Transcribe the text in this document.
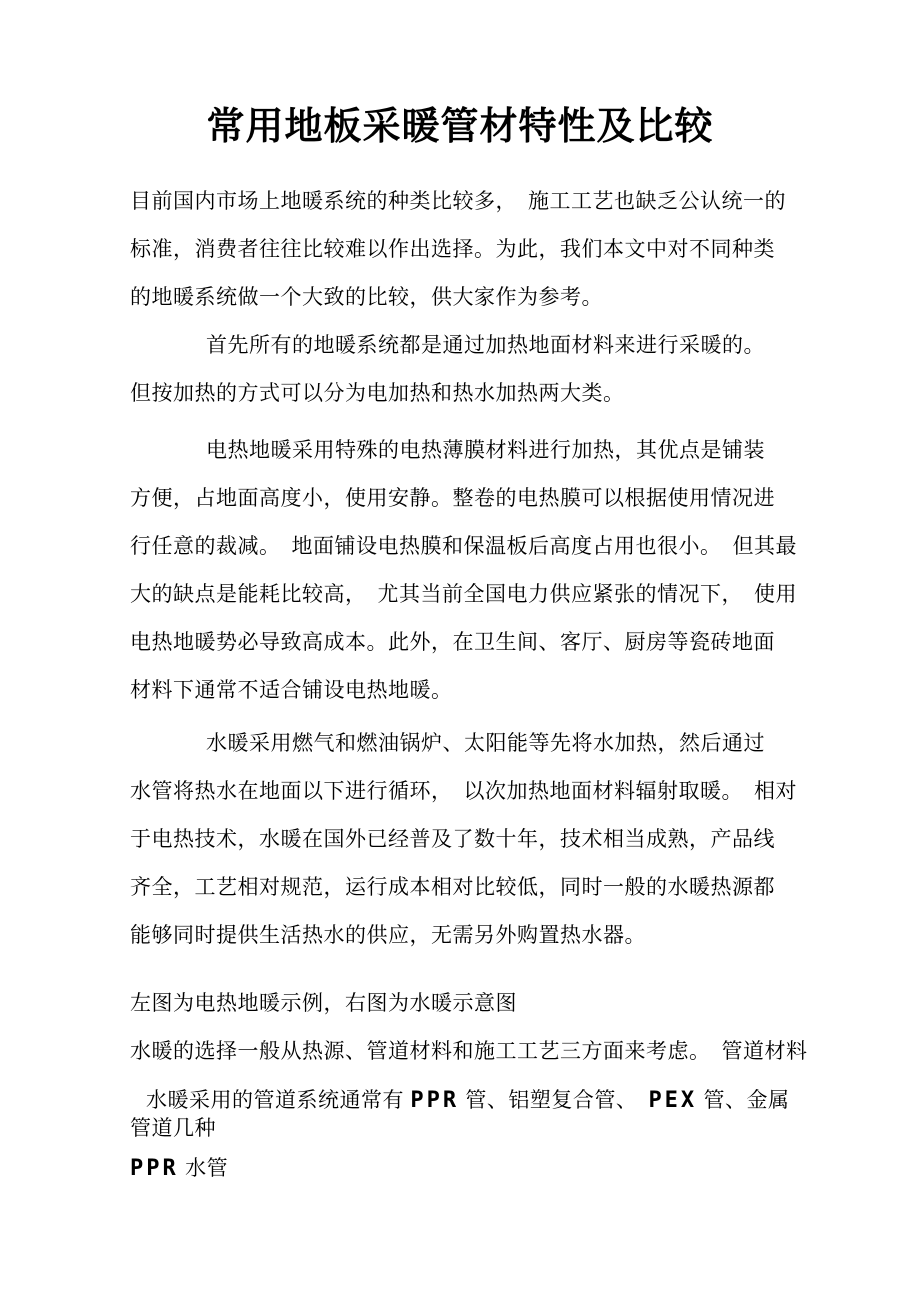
常用地板采暖管材特性及比较
目前国内市场上地暖系统的种类比较多，　施工工艺也缺乏公认统一的
标准，消费者往往比较难以作出选择。为此，我们本文中对不同种类
的地暖系统做一个大致的比较，供大家作为参考。
首先所有的地暖系统都是通过加热地面材料来进行采暖的。
但按加热的方式可以分为电加热和热水加热两大类。
电热地暖采用特殊的电热薄膜材料进行加热，其优点是铺装
方便，占地面高度小，使用安静。整卷的电热膜可以根据使用情况进
行任意的裁减。　地面铺设电热膜和保温板后高度占用也很小。　但其最
大的缺点是能耗比较高，　尤其当前全国电力供应紧张的情况下，　使用
电热地暖势必导致高成本。此外，在卫生间、客厅、厨房等瓷砖地面
材料下通常不适合铺设电热地暖。
水暖采用燃气和燃油锅炉、太阳能等先将水加热，然后通过
水管将热水在地面以下进行循环，　以次加热地面材料辐射取暖。　相对
于电热技术，水暖在国外已经普及了数十年，技术相当成熟，产品线
齐全，工艺相对规范，运行成本相对比较低，同时一般的水暖热源都
能够同时提供生活热水的供应，无需另外购置热水器。
左图为电热地暖示例，右图为水暖示意图
水暖的选择一般从热源、管道材料和施工工艺三方面来考虑。　管道材料
水暖采用的管道系统通常有 PPR 管、铝塑复合管、　PEX 管、金属
管道几种
PPR 水管
